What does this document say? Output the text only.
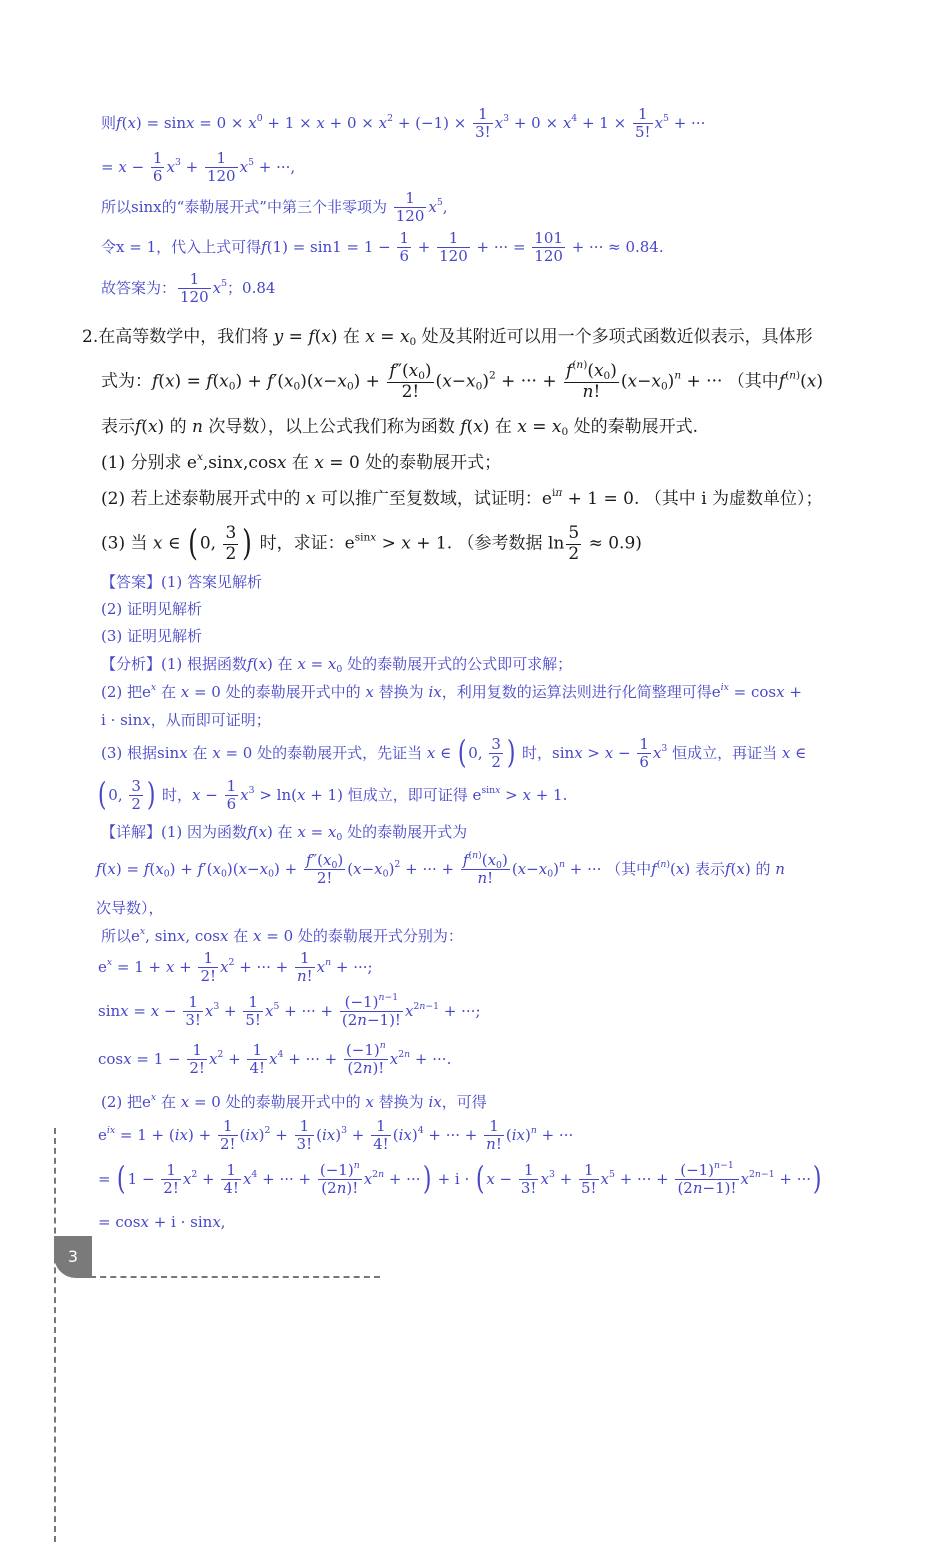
则$f(x) = \sin x = 0 \times x^0 + 1 \times x + 0 \times x^2 + (-1) \times \frac{1}{3!} x^3 + 0 \times x^4 + 1 \times \frac{1}{5!} x^5$ + ···
= $x - \frac{1}{6} x^3 + \frac{1}{120} x^5$ + ···,
所以sinx的“泰勒展开式”中第三个非零项为 $\frac{1}{120} x^5$,
令x = 1，代入上式可得$f(1) = \sin 1 = 1 - \frac{1}{6} + \frac{1}{120}$ + ··· = $\frac{101}{120}$ + ··· ≈ 0.84.
故答案为： $\frac{1}{120} x^5$；0.84
2.在高等数学中，我们将 y = f(x) 在 $x = x_0$ 处及其附近可以用一个多项式函数近似表示，具体形
式为：$f(x) = f(x_0) + f'(x_0)(x-x_0) + \frac{f''(x_0)}{2!} (x-x_0)^2$ + ··· + $\frac{f^{(n)}(x_0)}{n!} (x-x_0)^n$ + ··· （其中$f^{(n)}(x)$
表示f(x) 的 n 次导数），以上公式我们称为函数 f(x) 在 $x = x_0$ 处的秦勒展开式.
(1) 分别求 $e^x,\sin x,\cos x$ 在 x = 0 处的泰勒展开式；
(2) 若上述泰勒展开式中的 x 可以推广至复数域，试证明：$e^{i\pi} + 1 = 0$. （其中 i 为虚数单位）；
(3) 当 x ∈ ( 0, $\frac{3}{2}$ ) 时，求证：$e^{sinx} > x + 1$. （参考数据 $\ln \frac{5}{2} \approx 0.9$)
【答案】(1) 答案见解析
(2) 证明见解析
(3) 证明见解析
【分析】(1) 根据函数f(x) 在 $x = x_0$ 处的泰勒展开式的公式即可求解；
(2) 把$e^x$ 在 x = 0 处的泰勒展开式中的 x 替换为 ix，利用复数的运算法则进行化简整理可得$e^{ix} = \cos x$ +
i · sinx，从而即可证明；
(3) 根据sinx 在 x = 0 处的泰勒展开式，先证当 x ∈ ( 0, $\frac{3}{2}$ ) 时，$\sin x > x - \frac{1}{6} x^3$ 恒成立，再证当 x ∈
( 0, $\frac{3}{2}$ ) 时，$x - \frac{1}{6} x^3 > \ln(x + 1)$ 恒成立，即可证得 $e^{sinx} > x + 1$.
【详解】(1) 因为函数f(x) 在 $x = x_0$ 处的泰勒展开式为
$f(x) = f(x_0) + f'(x_0)(x-x_0) + \frac{f''(x_0)}{2!} (x-x_0)^2$ + ··· + $\frac{f^{(n)}(x_0)}{n!} (x-x_0)^n$ + ··· （其中$f^{(n)}(x)$ 表示f(x) 的 n
次导数），
所以$e^x$, sinx, cosx 在 x = 0 处的泰勒展开式分别为：
$e^x = 1 + x + \frac{1}{2!} x^2$ + ··· + $\frac{1}{n!} x^n$ + ···;
$\sin x = x - \frac{1}{3!} x^3 + \frac{1}{5!} x^5$ + ··· + $\frac{(-1)^{n-1}}{(2n-1)!} x^{2n-1}$ + ···;
$\cos x = 1 - \frac{1}{2!} x^2 + \frac{1}{4!} x^4$ + ··· + $\frac{(-1)^n}{(2n)!} x^{2n}$ + ···.
(2) 把$e^x$ 在 x = 0 处的泰勒展开式中的 x 替换为 ix，可得
$e^{ix} = 1 + (ix) + \frac{1}{2!} (ix)^2 + \frac{1}{3!} (ix)^3 + \frac{1}{4!} (ix)^4$ + ··· + $\frac{1}{n!} (ix)^n$ + ···
= ( $1 - \frac{1}{2!} x^2 + \frac{1}{4!} x^4$ + ··· + $\frac{(-1)^n}{(2n)!} x^{2n}$ + ···) + i · ( $x - \frac{1}{3!} x^3 + \frac{1}{5!} x^5$ + ··· + $\frac{(-1)^{n-1}}{(2n-1)!} x^{2n-1}$ + ···)
= cosx + i · sinx,
3
